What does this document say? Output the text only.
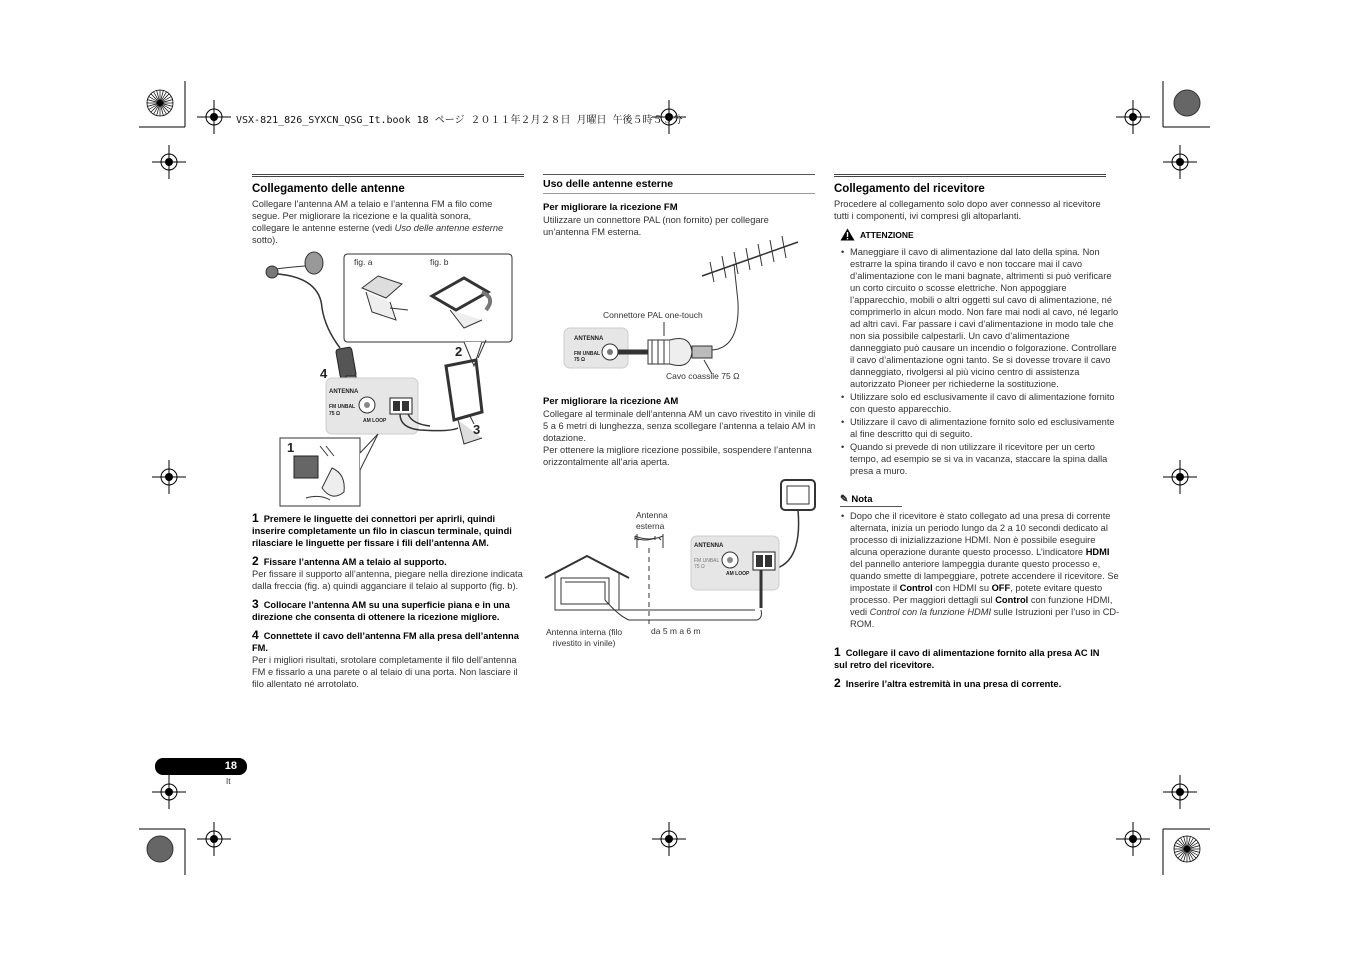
VSX-821_826_SYXCN_QSG_It.book 18 ページ ２０１１年２月２８日 月曜日 午後５時５３分
Collegamento delle antenne
Collegare l’antenna AM a telaio e l’antenna FM a filo come
segue. Per migliorare la ricezione e la qualità sonora,
collegare le antenne esterne (vedi Uso delle antenne esterne
sotto).
fig. a	fig. b
2
4
3
1
ANTENNA
FM UNBAL
75 Ω
AM LOOP
1 Premere le linguette dei connettori per aprirli, quindi inserire completamente un filo in ciascun terminale, quindi rilasciare le linguette per fissare i fili dell’antenna AM.
2 Fissare l’antenna AM a telaio al supporto.
Per fissare il supporto all’antenna, piegare nella direzione indicata dalla freccia (fig. a) quindi agganciare il telaio al supporto (fig. b).
3 Collocare l’antenna AM su una superficie piana e in una direzione che consenta di ottenere la ricezione migliore.
4 Connettete il cavo dell’antenna FM alla presa dell’antenna FM.
Per i migliori risultati, srotolare completamente il filo dell’antenna FM e fissarlo a una parete o al telaio di una porta. Non lasciare il filo allentato né arrotolato.
Uso delle antenne esterne
Per migliorare la ricezione FM
Utilizzare un connettore PAL (non fornito) per collegare un’antenna FM esterna.
ANTENNA
FM UNBAL
75 Ω
Connettore PAL one-touch
Cavo coassile 75 Ω
Per migliorare la ricezione AM
Collegare al terminale dell’antenna AM un cavo rivestito in vinile di 5 a 6 metri di lunghezza, senza scollegare l’antenna a telaio AM in dotazione.
Per ottenere la migliore ricezione possibile, sospendere l’antenna orizzontalmente all’aria aperta.
ANTENNA
FM UNBAL
75 Ω
AM LOOP
Antenna
esterna
Antenna interna (filo
rivestito in vinile)
da 5 m a 6 m
Collegamento del ricevitore
Procedere al collegamento solo dopo aver connesso al ricevitore tutti i componenti, ivi compresi gli altoparlanti.
ATTENZIONE
• Maneggiare il cavo di alimentazione dal lato della spina. Non estrarre la spina tirando il cavo e non toccare mai il cavo d’alimentazione con le mani bagnate, altrimenti si può verificare un corto circuito o scosse elettriche. Non appoggiare l’apparecchio, mobili o altri oggetti sul cavo di alimentazione, né comprimerlo in alcun modo. Non fare mai nodi al cavo, né legarlo ad altri cavi. Far passare i cavi d’alimentazione in modo tale che non sia possibile calpestarli. Un cavo d’alimentazione danneggiato può causare un incendio o folgorazione. Controllare il cavo d’alimentazione ogni tanto. Se si dovesse trovare il cavo danneggiato, rivolgersi al più vicino centro di assistenza autorizzato Pioneer per richiederne la sostituzione.
• Utilizzare solo ed esclusivamente il cavo di alimentazione fornito con questo apparecchio.
• Utilizzare il cavo di alimentazione fornito solo ed esclusivamente al fine descritto qui di seguito.
• Quando si prevede di non utilizzare il ricevitore per un certo tempo, ad esempio se si va in vacanza, staccare la spina dalla presa a muro.
✎ Nota
• Dopo che il ricevitore è stato collegato ad una presa di corrente alternata, inizia un periodo lungo da 2 a 10 secondi dedicato al processo di inizializzazione HDMI. Non è possibile eseguire alcuna operazione durante questo processo. L’indicatore HDMI del pannello anteriore lampeggia durante questo processo e, quando smette di lampeggiare, potrete accendere il ricevitore. Se impostate il Control con HDMI su OFF, potete evitare questo processo. Per maggiori dettagli sul Control con funzione HDMI, vedi Control con la funzione HDMI sulle Istruzioni per l’uso in CD-ROM.
1 Collegare il cavo di alimentazione fornito alla presa AC IN sul retro del ricevitore.
2 Inserire l’altra estremità in una presa di corrente.
18
It
